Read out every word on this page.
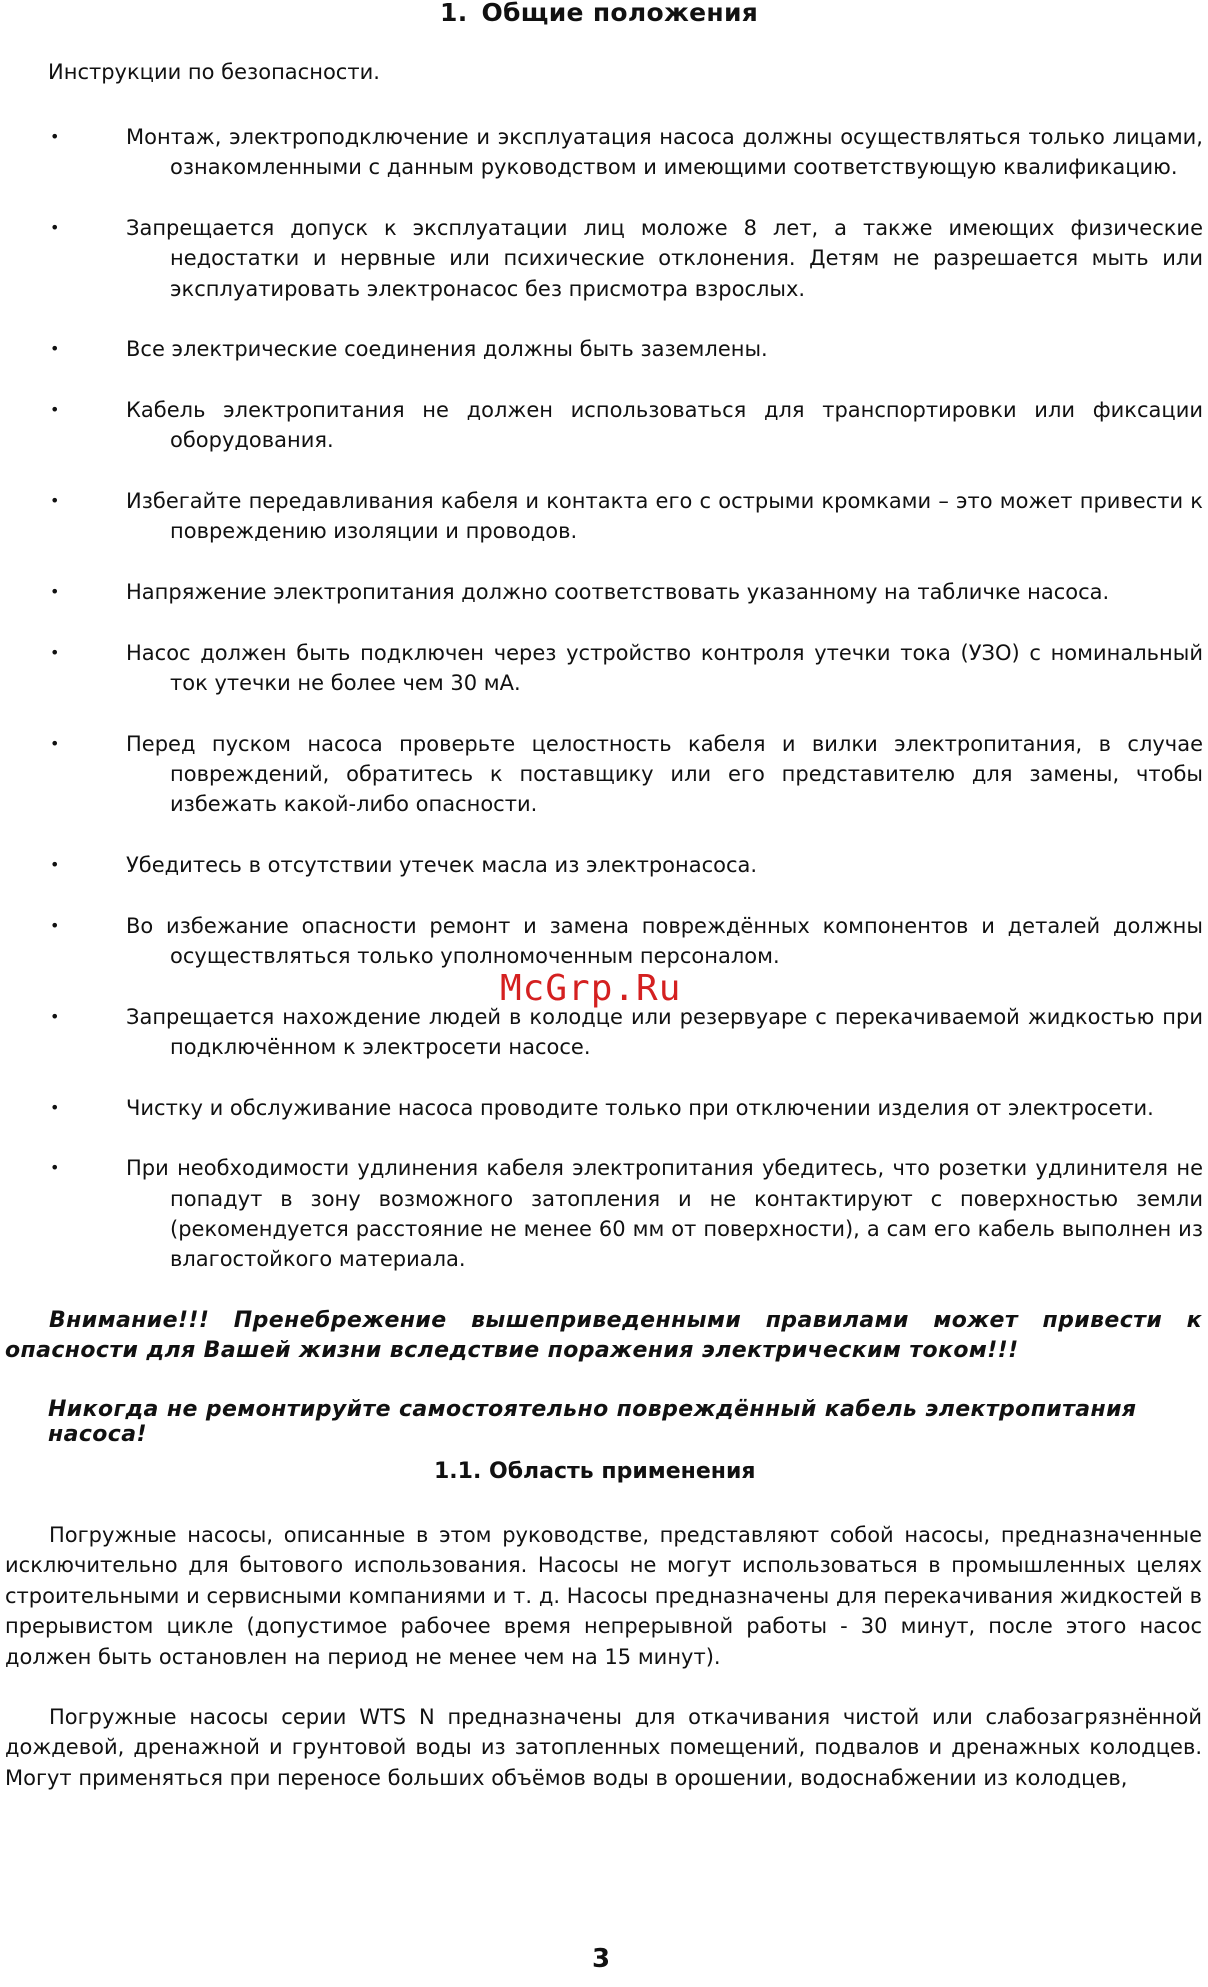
1. Общие положения

Инструкции по безопасности.

•	Монтаж, электроподключение и эксплуатация насоса должны осуществляться только лицами, ознакомленными с данным руководством и имеющими соответствующую квалификацию.
•	Запрещается допуск к эксплуатации лиц моложе 8 лет, а также имеющих физические недостатки и нервные или психические отклонения. Детям не разрешается мыть или эксплуатировать электронасос без присмотра взрослых.
•	Все электрические соединения должны быть заземлены.
•	Кабель электропитания не должен использоваться для транспортировки или фиксации оборудования.
•	Избегайте передавливания кабеля и контакта его с острыми кромками – это может привести к повреждению изоляции и проводов.
•	Напряжение электропитания должно соответствовать указанному на табличке насоса.
•	Насос должен быть подключен через устройство контроля утечки тока (УЗО) с номинальный ток утечки не более чем 30 мА.
•	Перед пуском насоса проверьте целостность кабеля и вилки электропитания, в случае повреждений, обратитесь к поставщику или его представителю для замены, чтобы избежать какой-либо опасности.
•	Убедитесь в отсутствии утечек масла из электронасоса.
•	Во избежание опасности ремонт и замена повреждённых компонентов и деталей должны осуществляться только уполномоченным персоналом.
•	Запрещается нахождение людей в колодце или резервуаре с перекачиваемой жидкостью при подключённом к электросети насосе.
•	Чистку и обслуживание насоса проводите только при отключении изделия от электросети.
•	При необходимости удлинения кабеля электропитания убедитесь, что розетки удлинителя не попадут в зону возможного затопления и не контактируют с поверхностью земли (рекомендуется расстояние не менее 60 мм от поверхности), а сам его кабель выполнен из влагостойкого материала.

McGrp.Ru

Внимание!!! Пренебрежение вышеприведенными правилами может привести к опасности для Вашей жизни вследствие поражения электрическим током!!!

Никогда не ремонтируйте самостоятельно повреждённый кабель электропитания насоса!

1.1. Область применения

Погружные насосы, описанные в этом руководстве, представляют собой насосы, предназначенные исключительно для бытового использования. Насосы не могут использоваться в промышленных целях строительными и сервисными компаниями и т. д. Насосы предназначены для перекачивания жидкостей в прерывистом цикле (допустимое рабочее время непрерывной работы - 30 минут, после этого насос должен быть остановлен на период не менее чем на 15 минут).

Погружные насосы серии WTS N предназначены для откачивания чистой или слабозагрязнённой дождевой, дренажной и грунтовой воды из затопленных помещений, подвалов и дренажных колодцев. Могут применяться при переносе больших объёмов воды в орошении, водоснабжении из колодцев,

3
